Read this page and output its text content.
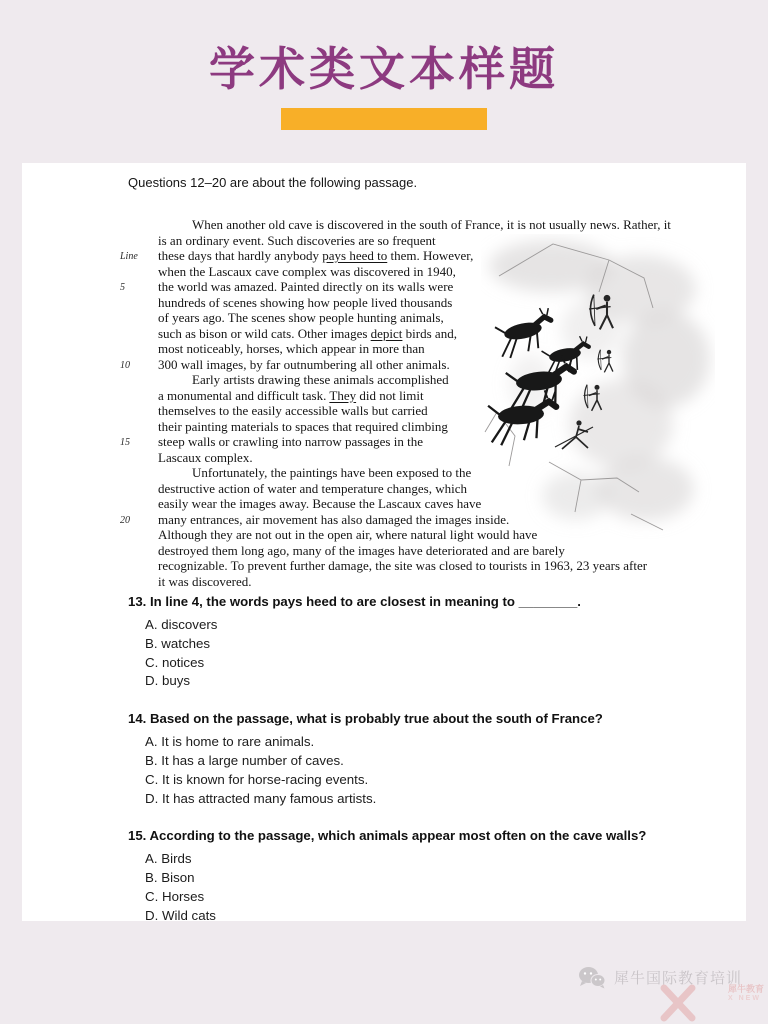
学术类文本样题
Questions 12–20 are about the following passage.
When another old cave is discovered in the south of France, it is not usually news. Rather, it
is an ordinary event. Such discoveries are so frequent
Line	these days that hardly anybody pays heed to them. However,
when the Lascaux cave complex was discovered in 1940,
5	the world was amazed. Painted directly on its walls were
hundreds of scenes showing how people lived thousands
of years ago. The scenes show people hunting animals,
such as bison or wild cats. Other images depict birds and,
most noticeably, horses, which appear in more than
10	300 wall images, by far outnumbering all other animals.
Early artists drawing these animals accomplished
a monumental and difficult task. They did not limit
themselves to the easily accessible walls but carried
their painting materials to spaces that required climbing
15	steep walls or crawling into narrow passages in the
Lascaux complex.
Unfortunately, the paintings have been exposed to the
destructive action of water and temperature changes, which
easily wear the images away. Because the Lascaux caves have
20	many entrances, air movement has also damaged the images inside.
Although they are not out in the open air, where natural light would have
destroyed them long ago, many of the images have deteriorated and are barely
recognizable. To prevent further damage, the site was closed to tourists in 1963, 23 years after
it was discovered.
13. In line 4, the words pays heed to are closest in meaning to ________.
A. discovers
B. watches
C. notices
D. buys
14. Based on the passage, what is probably true about the south of France?
A. It is home to rare animals.
B. It has a large number of caves.
C. It is known for horse-racing events.
D. It has attracted many famous artists.
15. According to the passage, which animals appear most often on the cave walls?
A. Birds
B. Bison
C. Horses
D. Wild cats
犀牛国际教育培训
犀牛教育
X NEW
